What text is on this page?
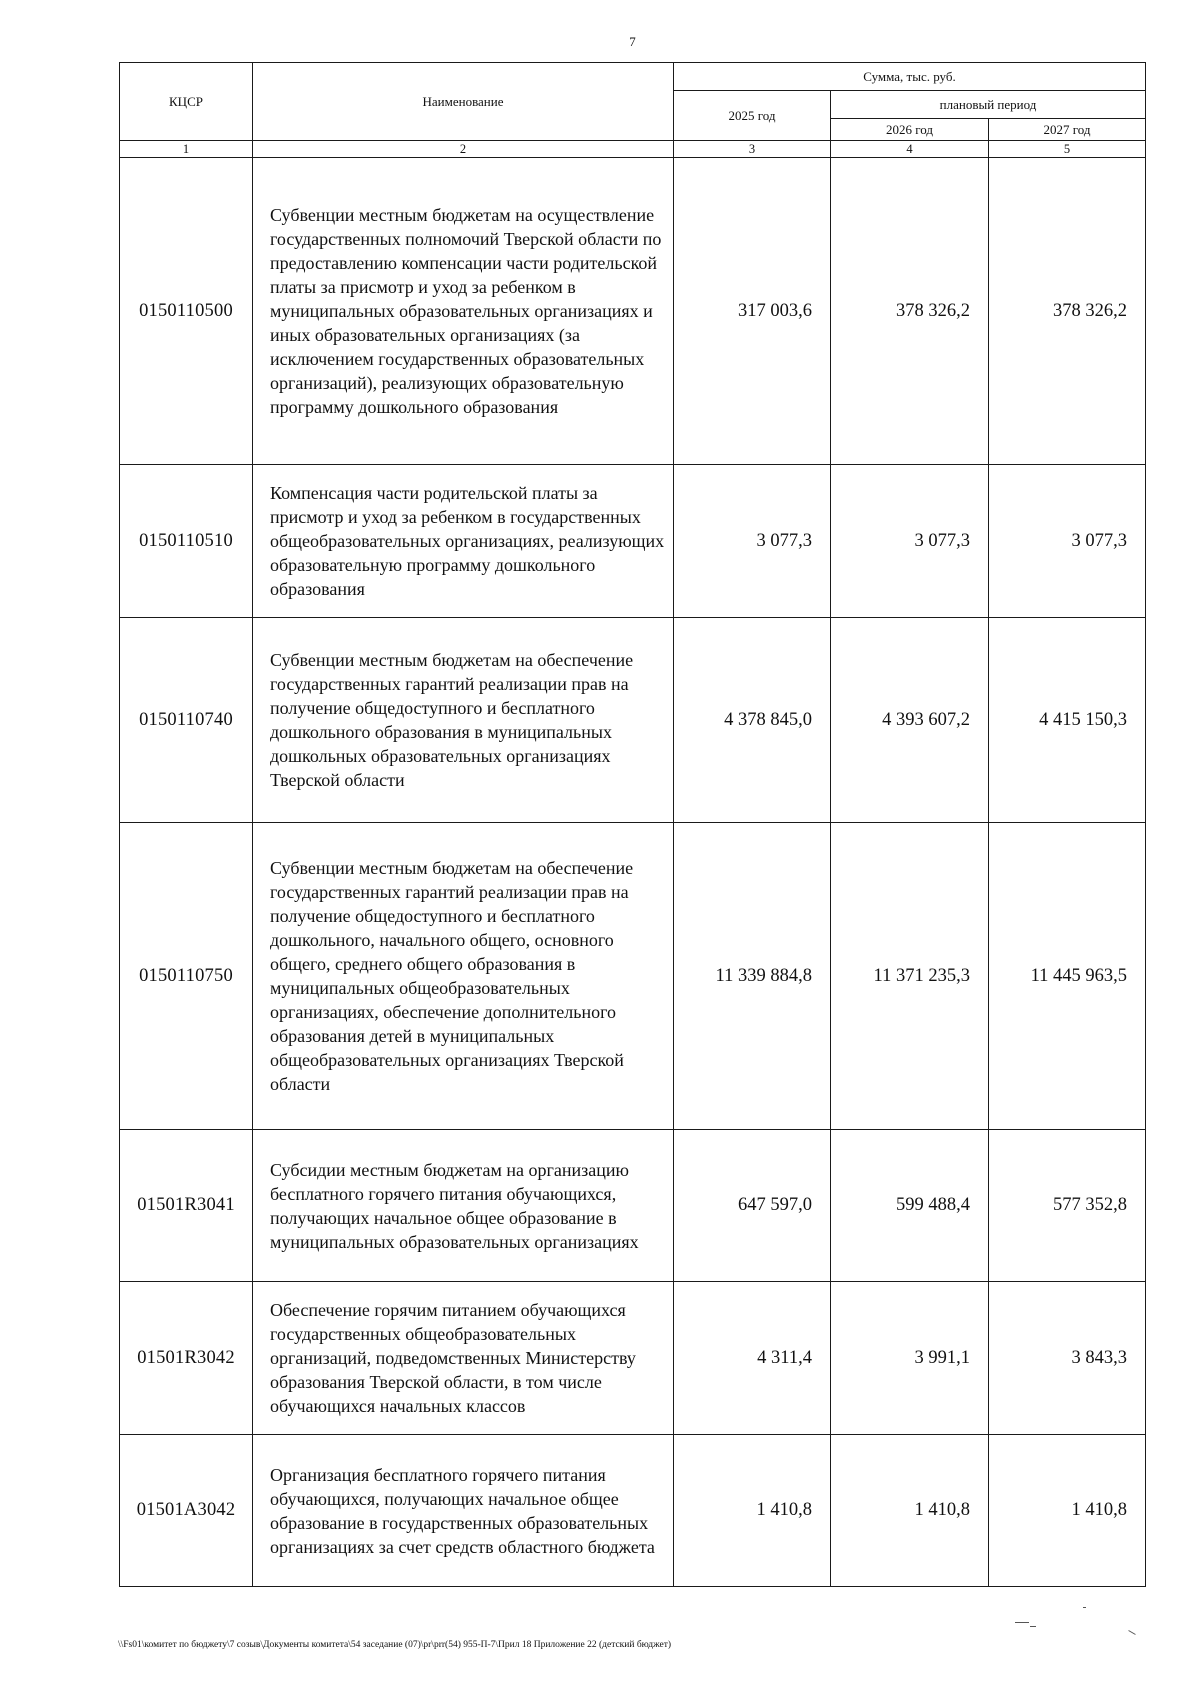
7
КЦСР	Наименование	Сумма, тыс. руб.		
		2025 год	плановый период	
			2026 год	2027 год
1	2	3	4	5
0150110500	Субвенции местным бюджетам на осуществление государственных полномочий Тверской области по предоставлению компенсации части родительской платы за присмотр и уход за ребенком в муниципальных образовательных организациях и иных образовательных организациях (за исключением государственных образовательных организаций), реализующих образовательную программу дошкольного образования	317 003,6	378 326,2	378 326,2
0150110510	Компенсация части родительской платы за присмотр и уход за ребенком в государственных общеобразовательных организациях, реализующих образовательную программу дошкольного образования	3 077,3	3 077,3	3 077,3
0150110740	Субвенции местным бюджетам на обеспечение государственных гарантий реализации прав на получение общедоступного и бесплатного дошкольного образования в муниципальных дошкольных образовательных организациях Тверской области	4 378 845,0	4 393 607,2	4 415 150,3
0150110750	Субвенции местным бюджетам на обеспечение государственных гарантий реализации прав на получение общедоступного и бесплатного дошкольного, начального общего, основного общего, среднего общего образования в муниципальных общеобразовательных организациях, обеспечение дополнительного образования детей в муниципальных общеобразовательных организациях Тверской области	11 339 884,8	11 371 235,3	11 445 963,5
01501R3041	Субсидии местным бюджетам на организацию бесплатного горячего питания обучающихся, получающих начальное общее образование в муниципальных образовательных организациях	647 597,0	599 488,4	577 352,8
01501R3042	Обеспечение горячим питанием обучающихся государственных общеобразовательных организаций, подведомственных Министерству образования Тверской области, в том числе обучающихся начальных классов	4 311,4	3 991,1	3 843,3
01501A3042	Организация бесплатного горячего питания обучающихся, получающих начальное общее образование в государственных образовательных организациях за счет средств областного бюджета	1 410,8	1 410,8	1 410,8
\\Fs01\комитет по бюджету\7 созыв\Документы комитета\54 заседание (07)\pr\prr(54) 955-П-7\Прил 18 Приложение 22 (детский бюджет)
